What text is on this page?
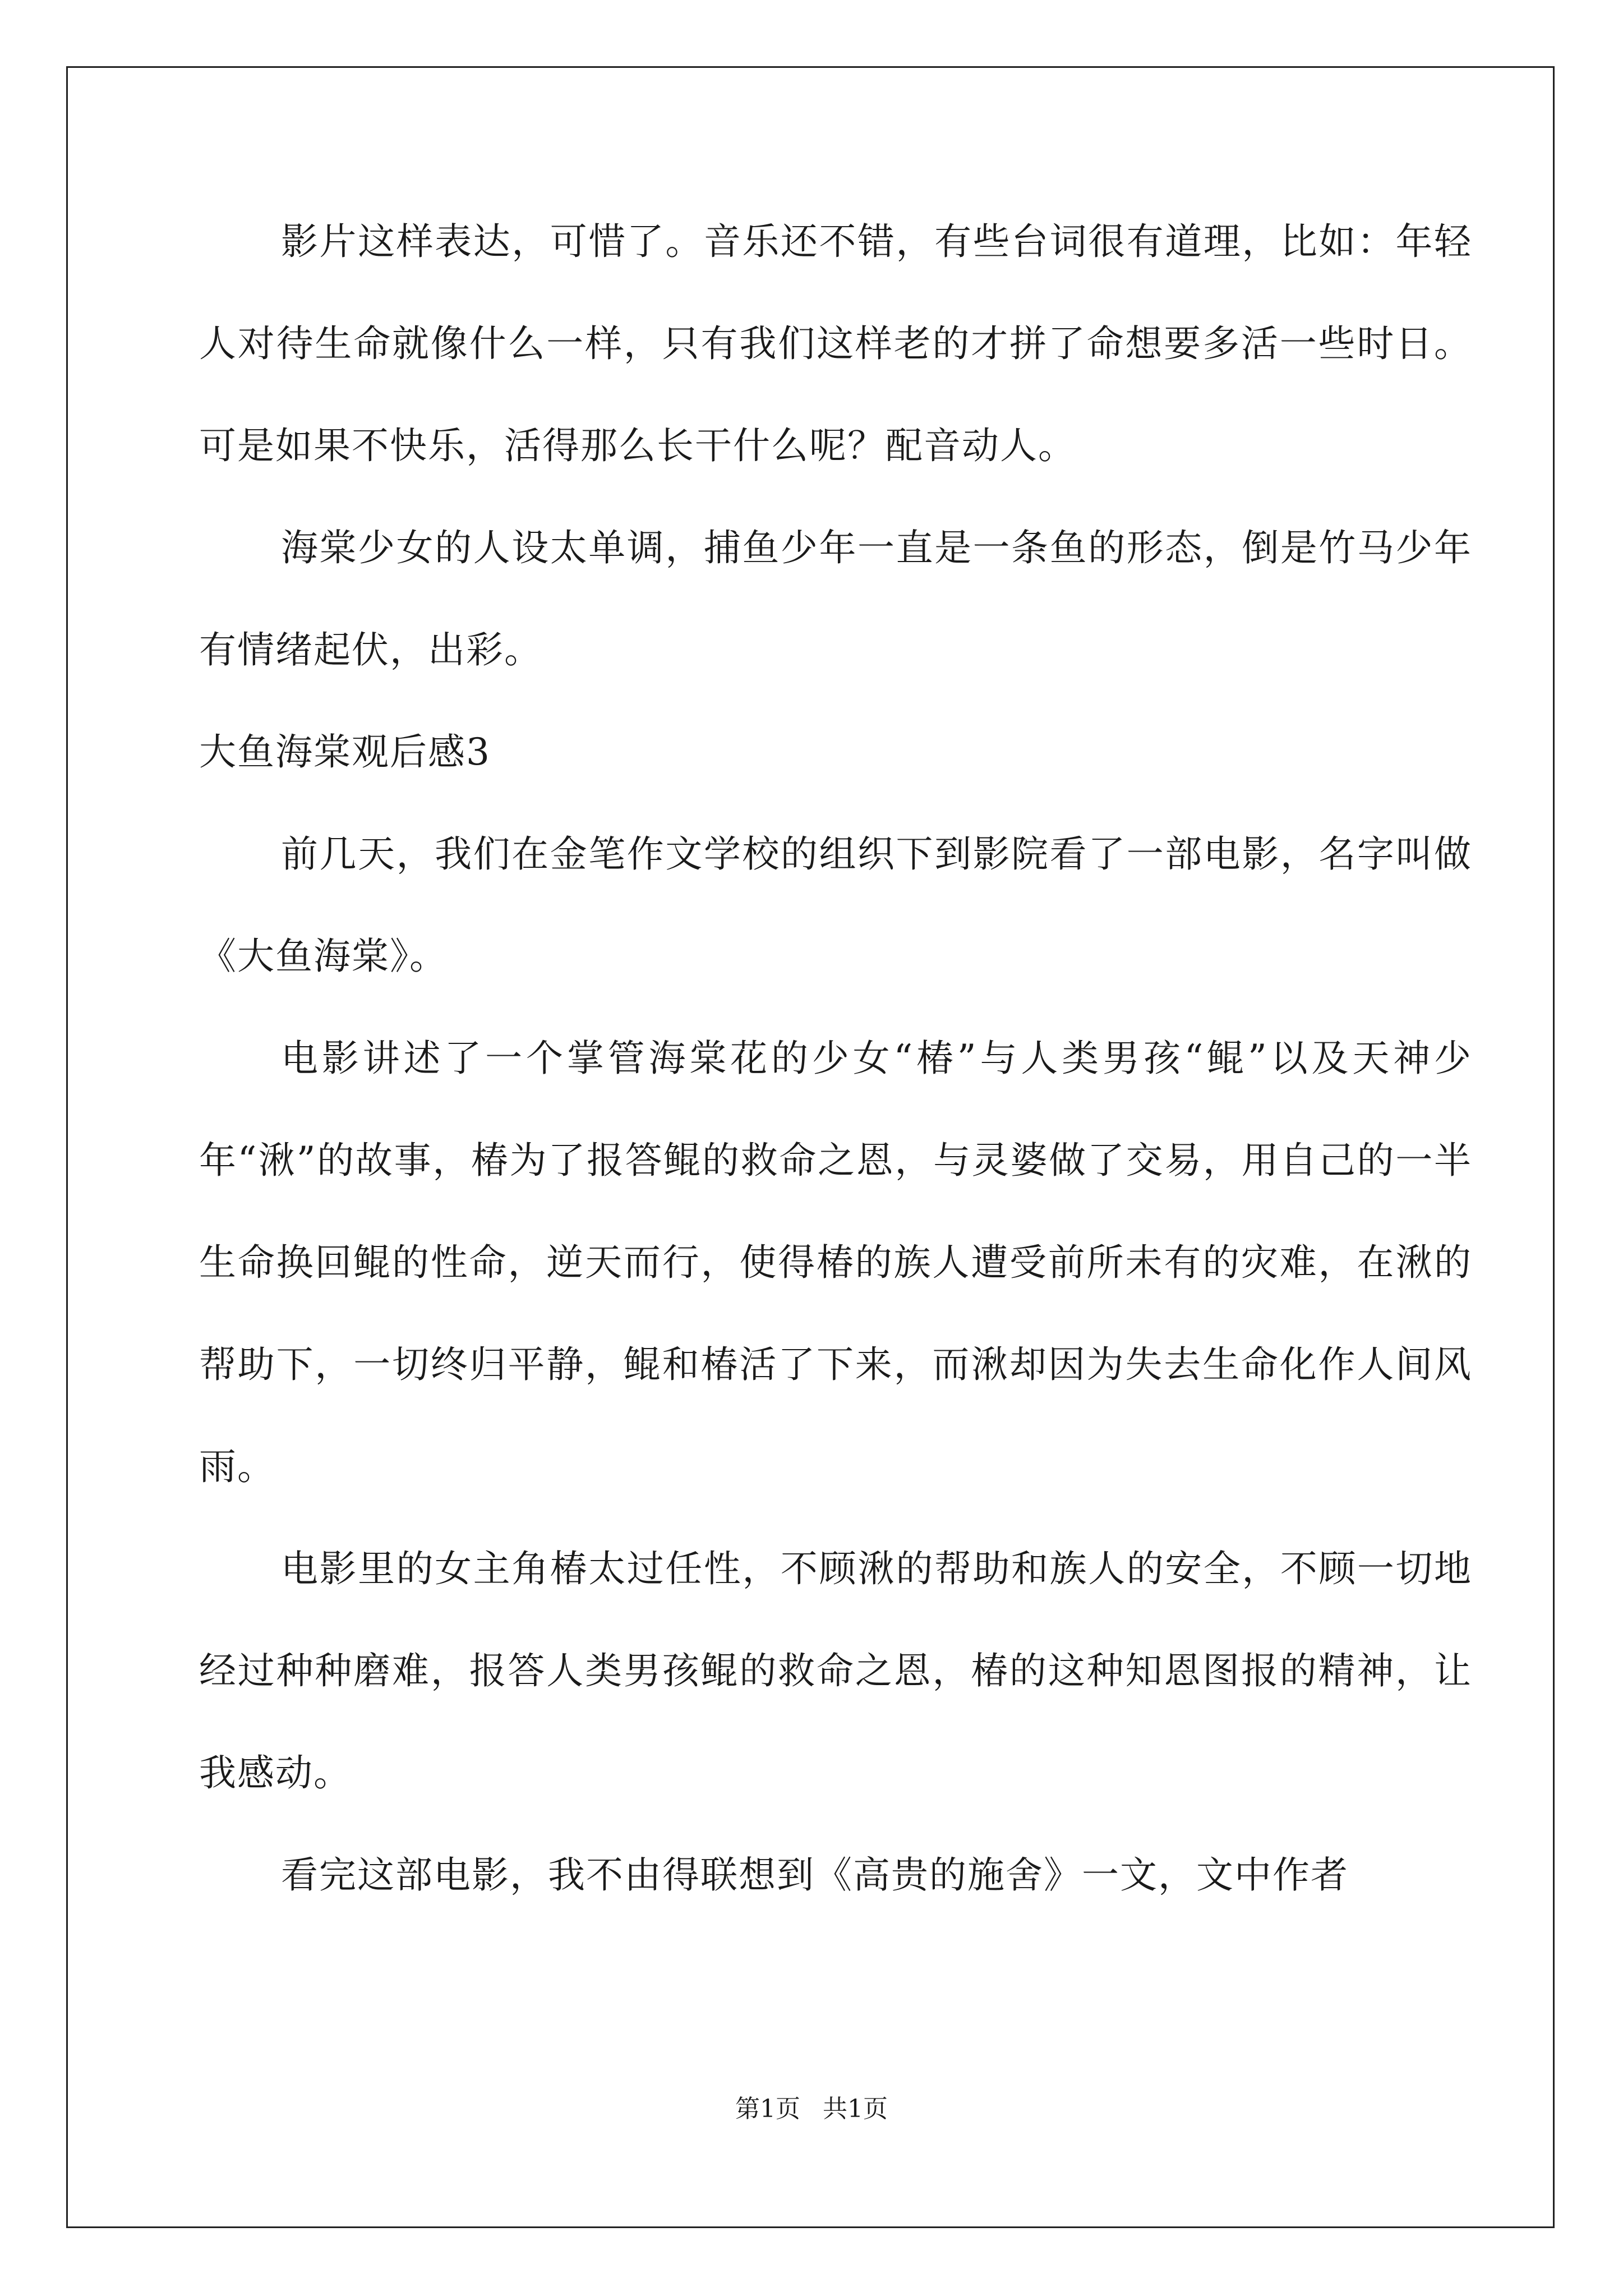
影片这样表达，可惜了。音乐还不错，有些台词很有道理，比如：年轻人对待生命就像什么一样，只有我们这样老的才拼了命想要多活一些时日。可是如果不快乐，活得那么长干什么呢？配音动人。

海棠少女的人设太单调，捕鱼少年一直是一条鱼的形态，倒是竹马少年有情绪起伏，出彩。

大鱼海棠观后感3

前几天，我们在金笔作文学校的组织下到影院看了一部电影，名字叫做《大鱼海棠》。

电影讲述了一个掌管海棠花的少女“椿”与人类男孩“鲲”以及天神少年“湫”的故事，椿为了报答鲲的救命之恩，与灵婆做了交易，用自己的一半生命换回鲲的性命，逆天而行，使得椿的族人遭受前所未有的灾难，在湫的帮助下，一切终归平静，鲲和椿活了下来，而湫却因为失去生命化作人间风雨。

电影里的女主角椿太过任性，不顾湫的帮助和族人的安全，不顾一切地经过种种磨难，报答人类男孩鲲的救命之恩，椿的这种知恩图报的精神，让我感动。

看完这部电影，我不由得联想到《高贵的施舍》一文，文中作者

第1页 共1页
